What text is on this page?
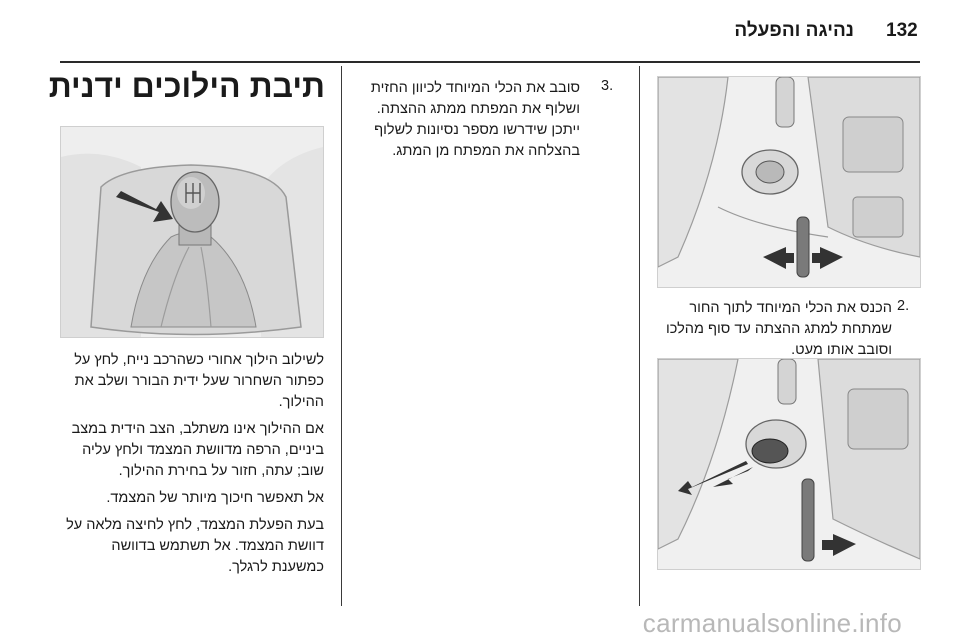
132
נהיגה והפעלה
תיבת הילוכים ידנית

לשילוב הילוך אחורי כשהרכב נייח, לחץ על כפתור השחרור שעל ידית הבורר ושלב את ההילוך.

אם ההילוך אינו משתלב, הצב הידית במצב ביניים, הרפה מדוושת המצמד ולחץ עליה שוב; עתה, חזור על בחירת ההילוך.

אל תאפשר חיכוך מיותר של המצמד.

בעת הפעלת המצמד, לחץ לחיצה מלאה על דוושת המצמד. אל תשתמש בדוושה כמשענת לרגלך.

3.
סובב את הכלי המיוחד לכיוון החזית ושלוף את המפתח ממתג ההצתה. ייתכן שידרשו מספר נסיונות לשלוף בהצלחה את המפתח מן המתג.
2.
הכנס את הכלי המיוחד לתוך החור שמתחת למתג ההצתה עד סוף מהלכו וסובב אותו מעט.
carmanualsonline.info
